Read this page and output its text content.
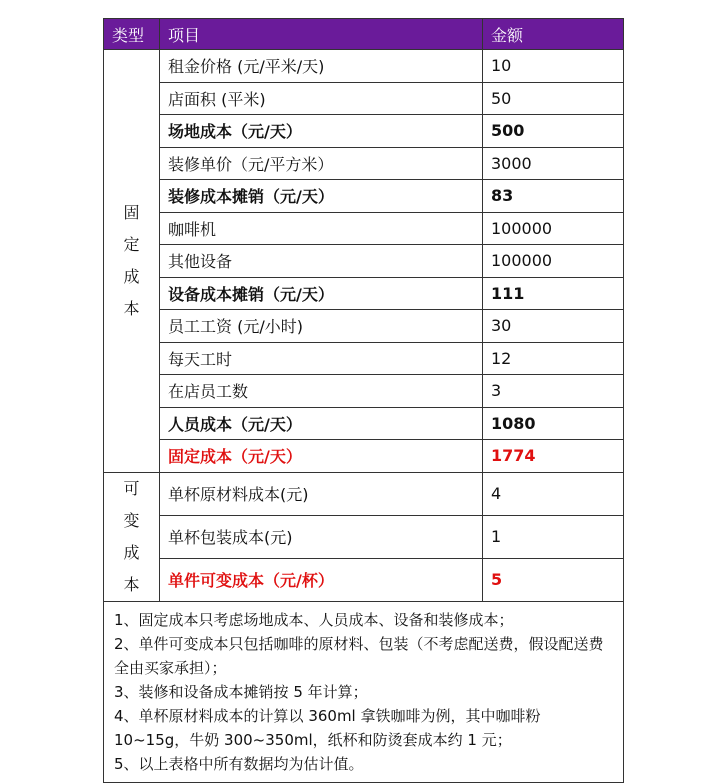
类型	项目	金额

固
定
成
本	租金价格 (元/平米/天)	10
	店面积 (平米)	50
	场地成本（元/天）	500
	装修单价（元/平方米）	3000
	装修成本摊销（元/天）	83
	咖啡机	100000
	其他设备	100000
	设备成本摊销（元/天）	111
	员工工资 (元/小时)	30
	每天工时	12
	在店员工数	3
	人员成本（元/天）	1080
	固定成本（元/天）	1774

可
变
成
本	单杯原材料成本(元)	4
	单杯包装成本(元)	1
	单件可变成本（元/杯）	5

1、固定成本只考虑场地成本、人员成本、设备和装修成本；
2、单件可变成本只包括咖啡的原材料、包装（不考虑配送费，假设配送费全由买家承担）；
3、装修和设备成本摊销按 5 年计算；
4、单杯原材料成本的计算以 360ml 拿铁咖啡为例，其中咖啡粉 10~15g，牛奶 300~350ml，纸杯和防烫套成本约 1 元；
5、以上表格中所有数据均为估计值。		
